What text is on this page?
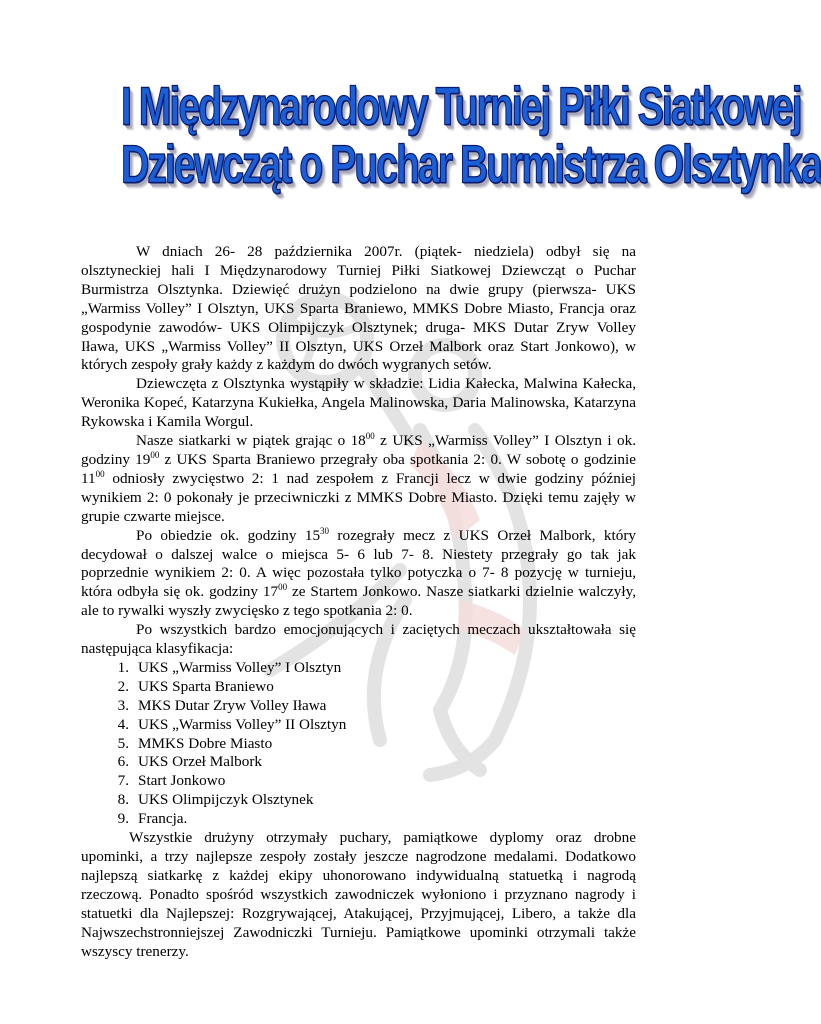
I Międzynarodowy Turniej Piłki Siatkowej
Dziewcząt o Puchar Burmistrza Olsztynka

W dniach 26- 28 października 2007r. (piątek- niedziela) odbył się na olsztyneckiej hali I Międzynarodowy Turniej Piłki Siatkowej Dziewcząt o Puchar Burmistrza Olsztynka. Dziewięć drużyn podzielono na dwie grupy (pierwsza- UKS „Warmiss Volley” I Olsztyn, UKS Sparta Braniewo, MMKS Dobre Miasto, Francja oraz gospodynie zawodów- UKS Olimpijczyk Olsztynek; druga- MKS Dutar Zryw Volley Iława, UKS „Warmiss Volley” II Olsztyn, UKS Orzeł Malbork oraz Start Jonkowo), w których zespoły grały każdy z każdym do dwóch wygranych setów.

Dziewczęta z Olsztynka wystąpiły w składzie: Lidia Kałecka, Malwina Kałecka, Weronika Kopeć, Katarzyna Kukiełka, Angela Malinowska, Daria Malinowska, Katarzyna Rykowska i Kamila Worgul.

Nasze siatkarki w piątek grając o $18^{00}$ z UKS „Warmiss Volley” I Olsztyn i ok. godziny $19^{00}$ z UKS Sparta Braniewo przegrały oba spotkania 2: 0. W sobotę o godzinie $11^{00}$ odniosły zwycięstwo 2: 1 nad zespołem z Francji lecz w dwie godziny później wynikiem 2: 0 pokonały je przeciwniczki z MMKS Dobre Miasto. Dzięki temu zajęły w grupie czwarte miejsce.

Po obiedzie ok. godziny $15^{30}$ rozegrały mecz z UKS Orzeł Malbork, który decydował o dalszej walce o miejsca 5- 6 lub 7- 8. Niestety przegrały go tak jak poprzednie wynikiem 2: 0. A więc pozostała tylko potyczka o 7- 8 pozycję w turnieju, która odbyła się ok. godziny $17^{00}$ ze Startem Jonkowo. Nasze siatkarki dzielnie walczyły, ale to rywalki wyszły zwycięsko z tego spotkania 2: 0.

Po wszystkich bardzo emocjonujących i zaciętych meczach ukształtowała się następująca klasyfikacja:

1. UKS „Warmiss Volley” I Olsztyn
2. UKS Sparta Braniewo
3. MKS Dutar Zryw Volley Iława
4. UKS „Warmiss Volley” II Olsztyn
5. MMKS Dobre Miasto
6. UKS Orzeł Malbork
7. Start Jonkowo
8. UKS Olimpijczyk Olsztynek
9. Francja.

Wszystkie drużyny otrzymały puchary, pamiątkowe dyplomy oraz drobne upominki, a trzy najlepsze zespoły zostały jeszcze nagrodzone medalami. Dodatkowo najlepszą siatkarkę z każdej ekipy uhonorowano indywidualną statuetką i nagrodą rzeczową. Ponadto spośród wszystkich zawodniczek wyłoniono i przyznano nagrody i statuetki dla Najlepszej: Rozgrywającej, Atakującej, Przyjmującej, Libero, a także dla Najwszechstronniejszej Zawodniczki Turnieju. Pamiątkowe upominki otrzymali także wszyscy trenerzy.
